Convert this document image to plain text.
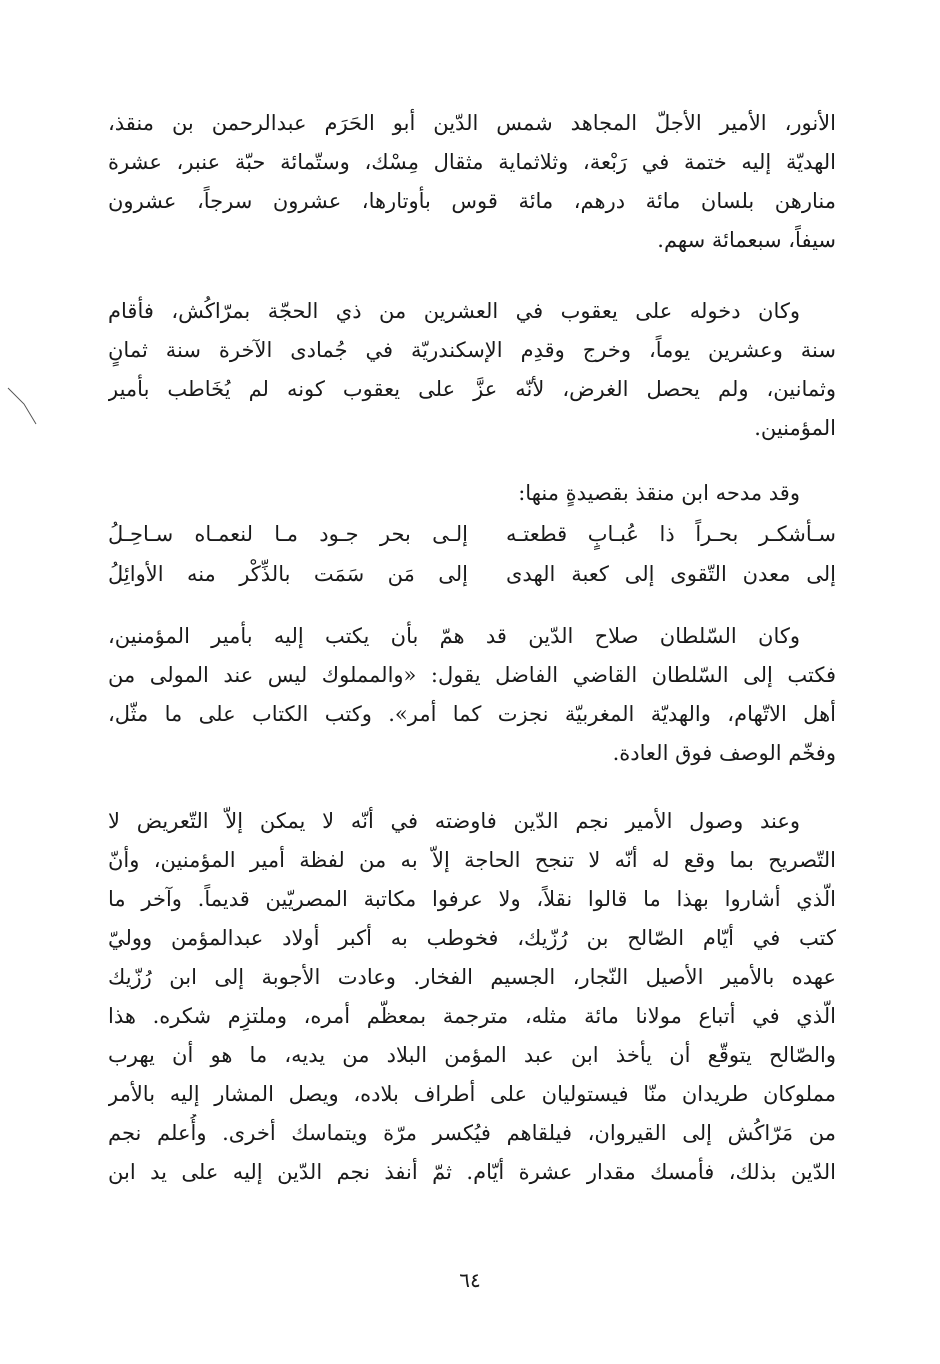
الأنور، الأمير الأجلّ المجاهد شمس الدّين أبو الحَرَم عبدالرحمن بن منقذ،
الهديّة إليه ختمة في رَبْعة، وثلاثماية مثقال مِسْك، وستّمائة حبّة عنبر، عشرة
منارهن بلسان مائة درهم، مائة قوس بأوتارها، عشرون سرجاً، عشرون
سيفاً، سبعمائة سهم.
وكان دخوله على يعقوب في العشرين من ذي الحجّة بمرّاكُش، فأقام
سنة وعشرين يوماً، وخرج وقدِم الإسكندريّة في جُمادى الآخرة سنة ثمانٍ
وثمانين، ولم يحصل الغرض، لأنّه عزَّ على يعقوب كونه لم يُخَاطب بأمير
المؤمنين.
وقد مدحه ابن منقذ بقصيدةٍ منها:
سـأشكـر بحـراً ذا عُبـابٍ قطعتـه
إلـى بحر جـود مـا لنعمـاه سـاحِـلُ
إلى معدن التّقوى إلى كعبة الهدى
إلى مَن سَمَت بالذِّكْر منه الأوائِلُ
وكان السّلطان صلاح الدّين قد همّ بأن يكتب إليه بأمير المؤمنين،
فكتب إلى السّلطان القاضي الفاضل يقول: «والمملوك ليس عند المولى من
أهل الاتّهام، والهديّة المغربيّة نجزت كما أمر». وكتب الكتاب على ما مثّل،
وفخّم الوصف فوق العادة.
وعند وصول الأمير نجم الدّين فاوضته في أنّه لا يمكن إلاّ التّعريض لا
التّصريح بما وقع له أنّه لا تنجح الحاجة إلاّ به من لفظة أمير المؤمنين، وأنّ
الّذي أشاروا بهذا ما قالوا نقلاً، ولا عرفوا مكاتبة المصريّين قديماً. وآخر ما
كتب في أيّام الصّالح بن رُزّيك، فخوطب به أكبر أولاد عبدالمؤمن ووليّ
عهده بالأمير الأصيل النّجار، الجسيم الفخار. وعادت الأجوبة إلى ابن رُزّيك
الّذي في أتباع مولانا مائة مثله، مترجمة بمعظّم أمره، وملتزِم شكره. هذا
والصّالح يتوقّع أن يأخذ ابن عبد المؤمن البلاد من يديه، ما هو أن يهرب
مملوكان طريدان منّا فيستوليان على أطراف بلاده، ويصل المشار إليه بالأمر
من مَرّاكُش إلى القيروان، فيلقاهم فيُكسر مرّة ويتماسك أخرى. وأُعلم نجم
الدّين بذلك، فأمسك مقدار عشرة أيّام. ثمّ أنفذ نجم الدّين إليه على يد ابن
٦٤
